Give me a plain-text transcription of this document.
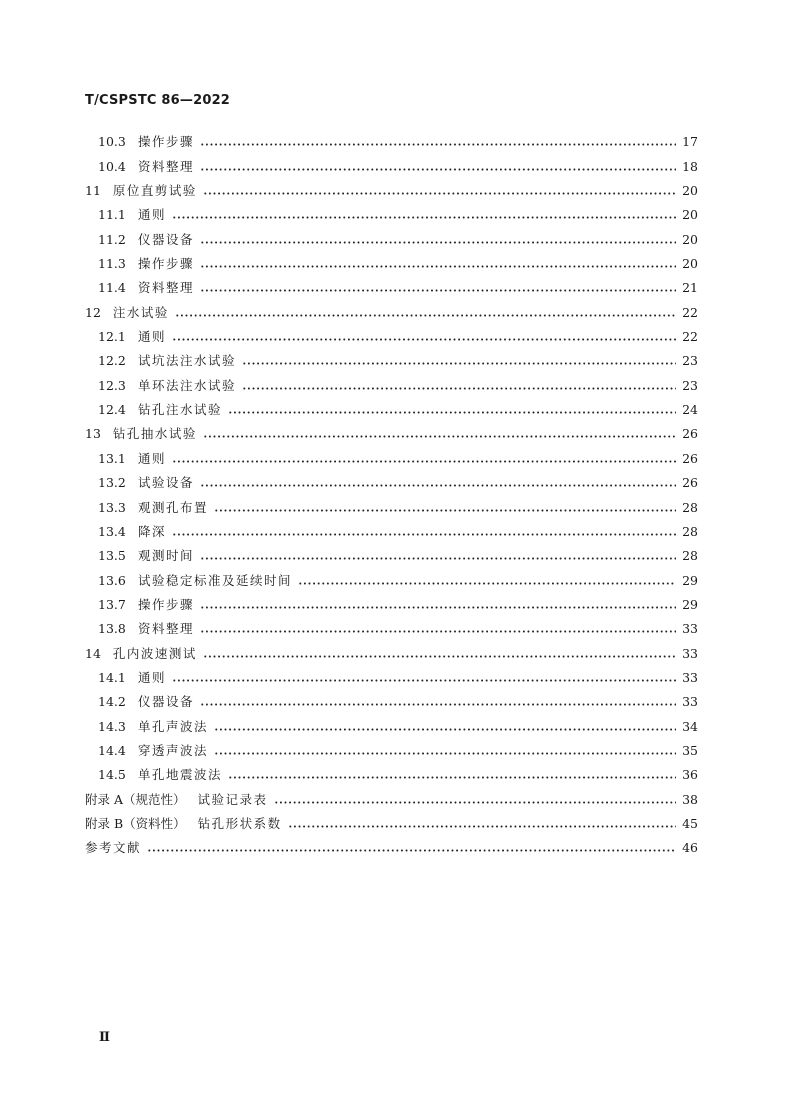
T/CSPSTC 86—2022
10.3 操作步骤	17
10.4 资料整理	18
11 原位直剪试验	20
11.1 通则	20
11.2 仪器设备	20
11.3 操作步骤	20
11.4 资料整理	21
12 注水试验	22
12.1 通则	22
12.2 试坑法注水试验	23
12.3 单环法注水试验	23
12.4 钻孔注水试验	24
13 钻孔抽水试验	26
13.1 通则	26
13.2 试验设备	26
13.3 观测孔布置	28
13.4 降深	28
13.5 观测时间	28
13.6 试验稳定标准及延续时间	29
13.7 操作步骤	29
13.8 资料整理	33
14 孔内波速测试	33
14.1 通则	33
14.2 仪器设备	33
14.3 单孔声波法	34
14.4 穿透声波法	35
14.5 单孔地震波法	36
附录 A（规范性） 试验记录表	38
附录 B（资料性） 钻孔形状系数	45
参考文献	46
Ⅱ
